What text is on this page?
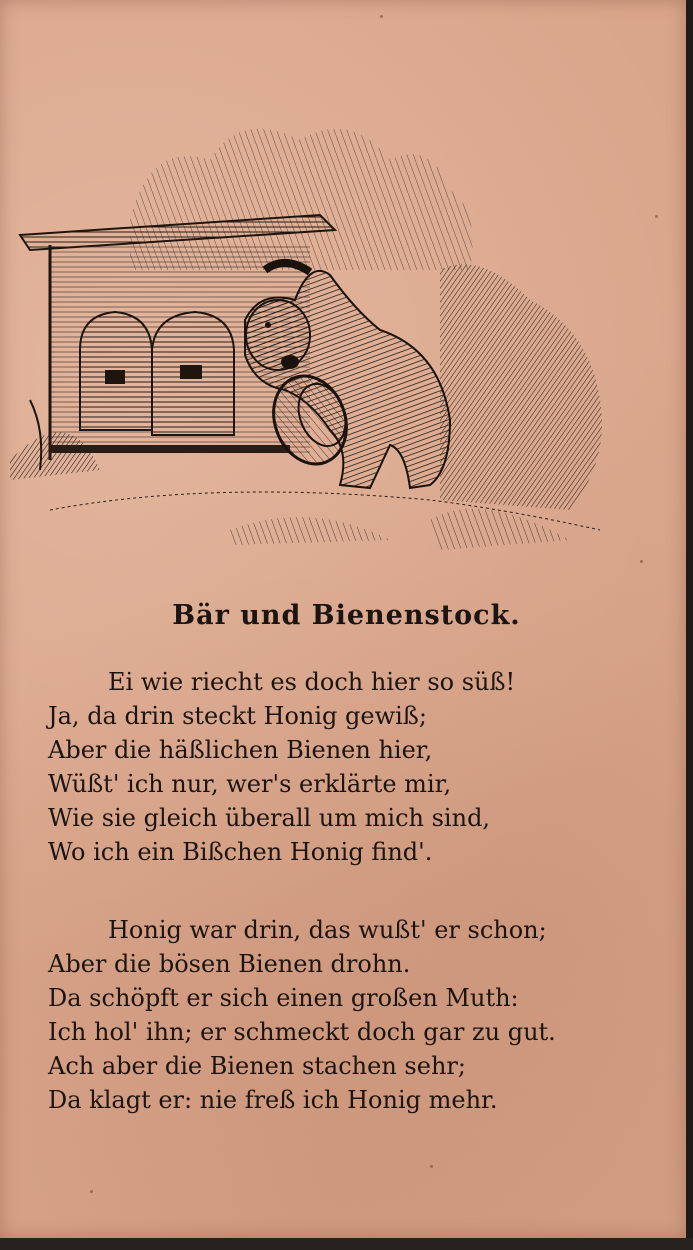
Bär und Bienenstock.
Ei wie riecht es doch hier so süß!
Ja, da drin steckt Honig gewiß;
Aber die häßlichen Bienen hier,
Wüßt' ich nur, wer's erklärte mir,
Wie sie gleich überall um mich sind,
Wo ich ein Bißchen Honig find'.
Honig war drin, das wußt' er schon;
Aber die bösen Bienen drohn.
Da schöpft er sich einen großen Muth:
Ich hol' ihn; er schmeckt doch gar zu gut.
Ach aber die Bienen stachen sehr;
Da klagt er: nie freß ich Honig mehr.
